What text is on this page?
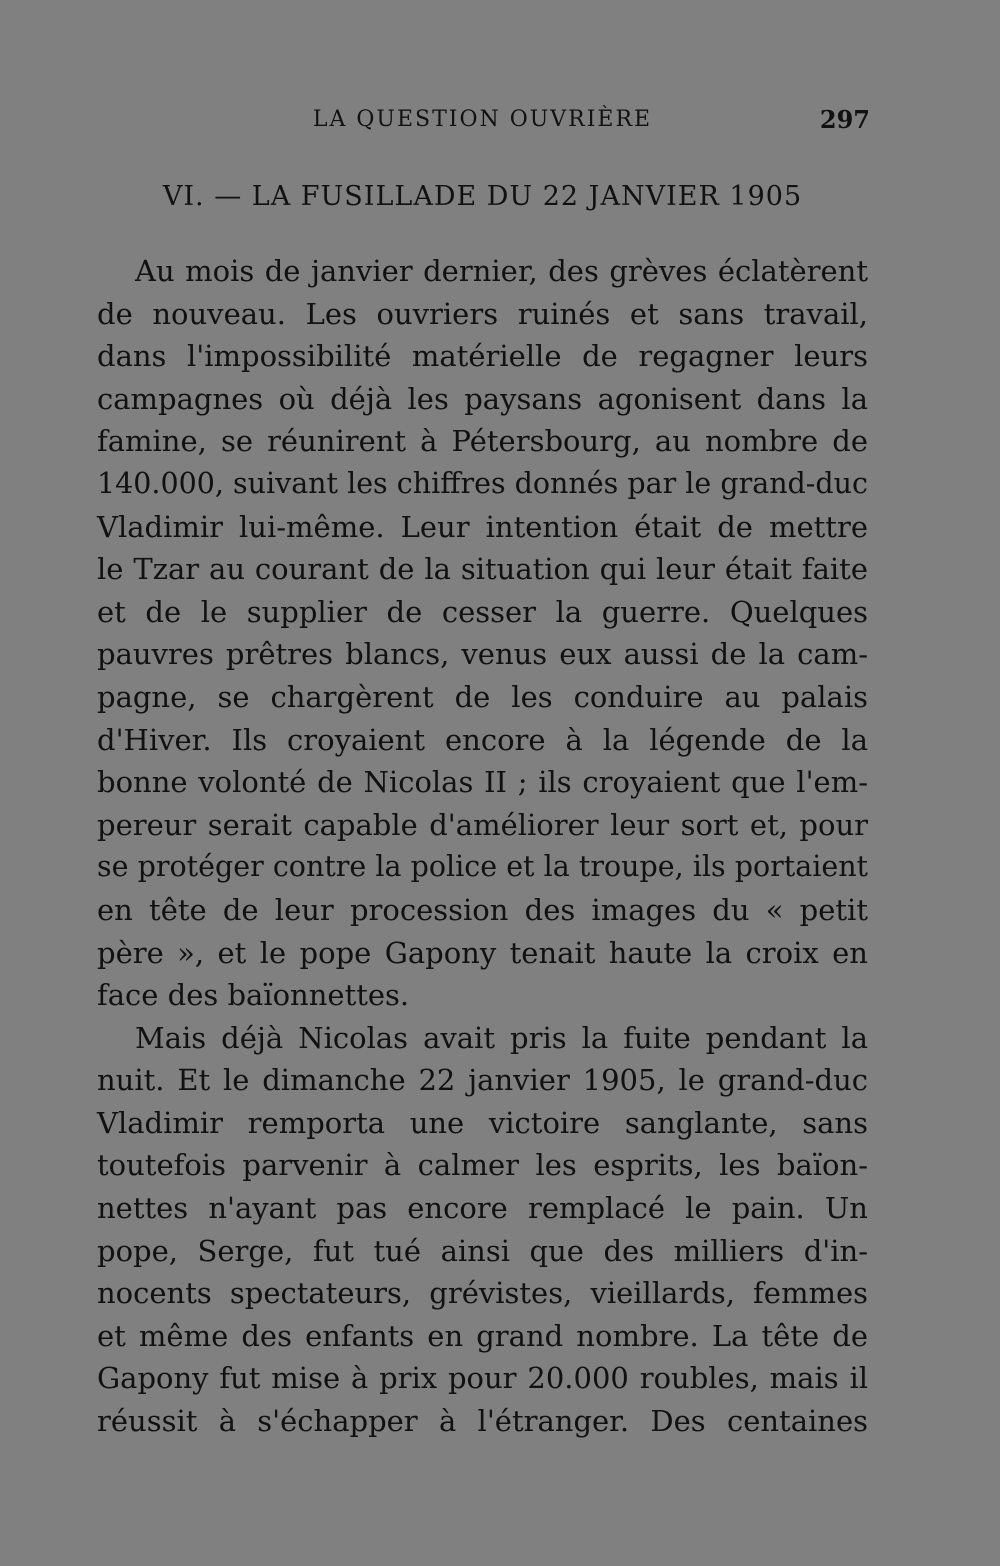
LA QUESTION OUVRIÈRE	297
VI. — LA FUSILLADE DU 22 JANVIER 1905
Au mois de janvier dernier, des grèves éclatèrent
de nouveau. Les ouvriers ruinés et sans travail,
dans l'impossibilité matérielle de regagner leurs
campagnes où déjà les paysans agonisent dans la
famine, se réunirent à Pétersbourg, au nombre de
140.000, suivant les chiffres donnés par le grand-duc
Vladimir lui-même. Leur intention était de mettre
le Tzar au courant de la situation qui leur était faite
et de le supplier de cesser la guerre. Quelques
pauvres prêtres blancs, venus eux aussi de la cam-
pagne, se chargèrent de les conduire au palais
d'Hiver. Ils croyaient encore à la légende de la
bonne volonté de Nicolas II ; ils croyaient que l'em-
pereur serait capable d'améliorer leur sort et, pour
se protéger contre la police et la troupe, ils portaient
en tête de leur procession des images du « petit
père », et le pope Gapony tenait haute la croix en
face des baïonnettes.
Mais déjà Nicolas avait pris la fuite pendant la
nuit. Et le dimanche 22 janvier 1905, le grand-duc
Vladimir remporta une victoire sanglante, sans
toutefois parvenir à calmer les esprits, les baïon-
nettes n'ayant pas encore remplacé le pain. Un
pope, Serge, fut tué ainsi que des milliers d'in-
nocents spectateurs, grévistes, vieillards, femmes
et même des enfants en grand nombre. La tête de
Gapony fut mise à prix pour 20.000 roubles, mais il
réussit à s'échapper à l'étranger. Des centaines
